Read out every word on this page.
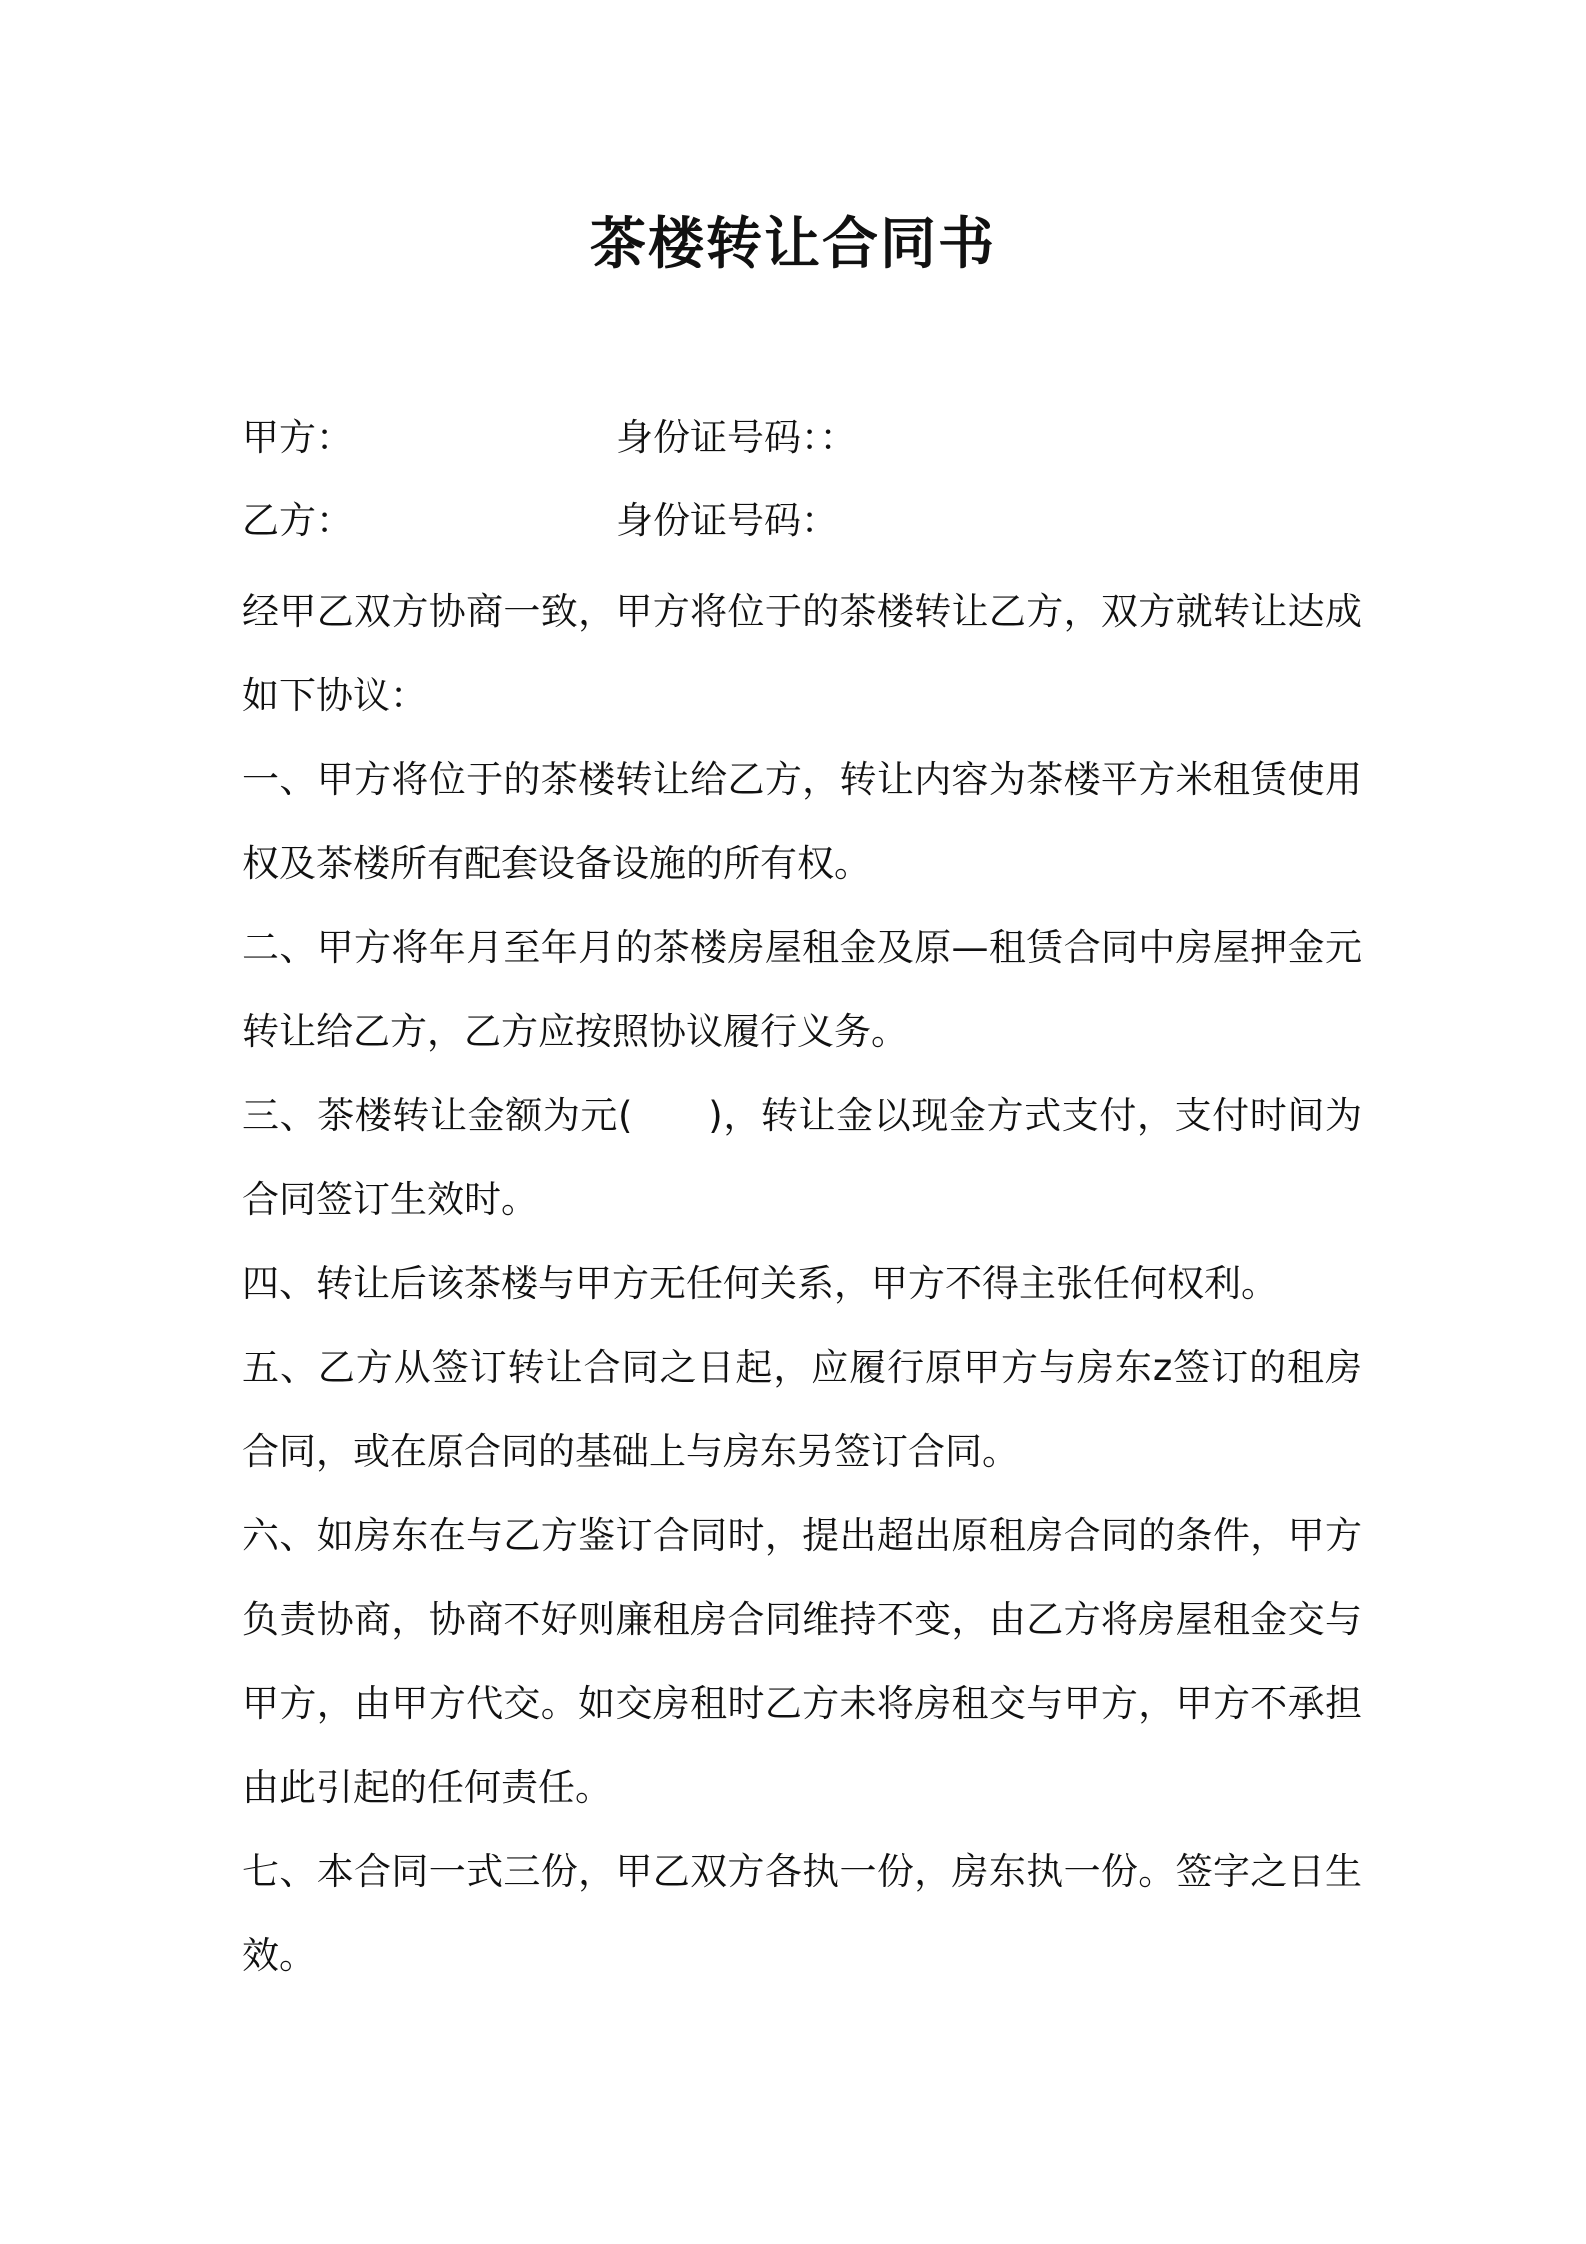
茶楼转让合同书
甲方：	身份证号码：：
乙方：	身份证号码：

经甲乙双方协商一致，甲方将位于的茶楼转让乙方，双方就转让达成如下协议：

一、甲方将位于的茶楼转让给乙方，转让内容为茶楼平方米租赁使用权及茶楼所有配套设备设施的所有权。

二、甲方将年月至年月的茶楼房屋租金及原—租赁合同中房屋押金元转让给乙方，乙方应按照协议履行义务。

三、茶楼转让金额为元(　　)，转让金以现金方式支付，支付时间为合同签订生效时。

四、转让后该茶楼与甲方无任何关系，甲方不得主张任何权利。

五、乙方从签订转让合同之日起，应履行原甲方与房东z签订的租房合同，或在原合同的基础上与房东另签订合同。

六、如房东在与乙方鉴订合同时，提出超出原租房合同的条件，甲方负责协商，协商不好则廉租房合同维持不变，由乙方将房屋租金交与甲方，由甲方代交。如交房租时乙方未将房租交与甲方，甲方不承担由此引起的任何责任。

七、本合同一式三份，甲乙双方各执一份，房东执一份。签字之日生效。
